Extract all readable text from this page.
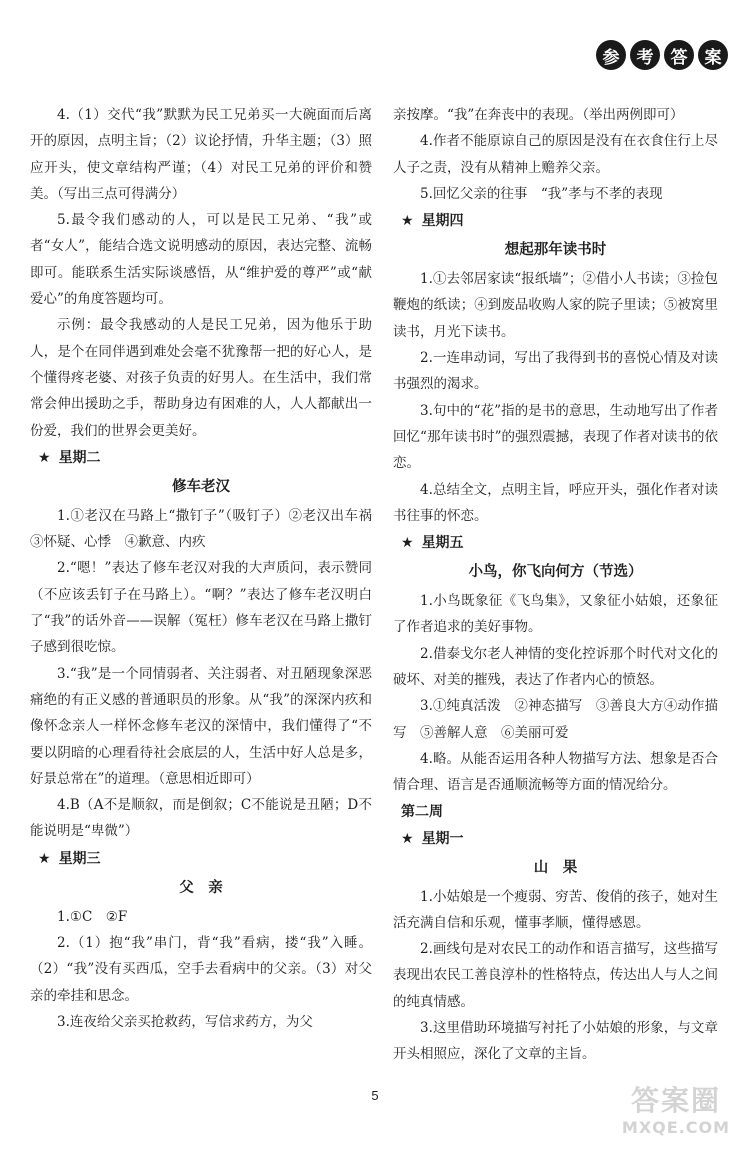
参	考	答	案

4.（1）交代“我”默默为民工兄弟买一大碗面而后离开的原因，点明主旨；（2）议论抒情，升华主题；（3）照应开头，使文章结构严谨；（4）对民工兄弟的评价和赞美。（写出三点可得满分）

5.最令我们感动的人，可以是民工兄弟、“我”或者“女人”，能结合选文说明感动的原因，表达完整、流畅即可。能联系生活实际谈感悟，从“维护爱的尊严”或“献爱心”的角度答题均可。

示例：最令我感动的人是民工兄弟，因为他乐于助人，是个在同伴遇到难处会毫不犹豫帮一把的好心人，是个懂得疼老婆、对孩子负责的好男人。在生活中，我们常常会伸出援助之手，帮助身边有困难的人，人人都献出一份爱，我们的世界会更美好。

★ 星期二
修车老汉

1.①老汉在马路上“撒钉子”（吸钉子）②老汉出车祸　③怀疑、心悸　④歉意、内疚

2.“嗯！”表达了修车老汉对我的大声质问，表示赞同（不应该丢钉子在马路上）。“啊？”表达了修车老汉明白了“我”的话外音——误解（冤枉）修车老汉在马路上撒钉子感到很吃惊。

3.“我”是一个同情弱者、关注弱者、对丑陋现象深恶痛绝的有正义感的普通职员的形象。从“我”的深深内疚和像怀念亲人一样怀念修车老汉的深情中，我们懂得了“不要以阴暗的心理看待社会底层的人，生活中好人总是多，好景总常在”的道理。（意思相近即可）

4.B（A不是顺叙，而是倒叙；C不能说是丑陋；D不能说明是“卑微”）

★ 星期三
父亲

1.①C　②F

2.（1）抱“我”串门，背“我”看病，搂“我”入睡。（2）“我”没有买西瓜，空手去看病中的父亲。（3）对父亲的牵挂和思念。

3.连夜给父亲买抢救药，写信求药方，为父

亲按摩。“我”在奔丧中的表现。（举出两例即可）

4.作者不能原谅自己的原因是没有在衣食住行上尽人子之责，没有从精神上赡养父亲。

5.回忆父亲的往事　“我”孝与不孝的表现

★ 星期四
想起那年读书时

1.①去邻居家读“报纸墙”；②借小人书读；③捡包鞭炮的纸读；④到废品收购人家的院子里读；⑤被窝里读书，月光下读书。

2.一连串动词，写出了我得到书的喜悦心情及对读书强烈的渴求。

3.句中的“花”指的是书的意思，生动地写出了作者回忆“那年读书时”的强烈震撼，表现了作者对读书的依恋。

4.总结全文，点明主旨，呼应开头，强化作者对读书往事的怀恋。

★ 星期五
小鸟，你飞向何方（节选）

1.小鸟既象征《飞鸟集》，又象征小姑娘，还象征了作者追求的美好事物。

2.借泰戈尔老人神情的变化控诉那个时代对文化的破坏、对美的摧残，表达了作者内心的愤怒。

3.①纯真活泼　②神态描写　③善良大方④动作描写　⑤善解人意　⑥美丽可爱

4.略。从能否运用各种人物描写方法、想象是否合情合理、语言是否通顺流畅等方面的情况给分。

第二周
★ 星期一
山果

1.小姑娘是一个瘦弱、穷苦、俊俏的孩子，她对生活充满自信和乐观，懂事孝顺，懂得感恩。

2.画线句是对农民工的动作和语言描写，这些描写表现出农民工善良淳朴的性格特点，传达出人与人之间的纯真情感。

3.这里借助环境描写衬托了小姑娘的形象，与文章开头相照应，深化了文章的主旨。

5	答案圈
MXQE.COM
